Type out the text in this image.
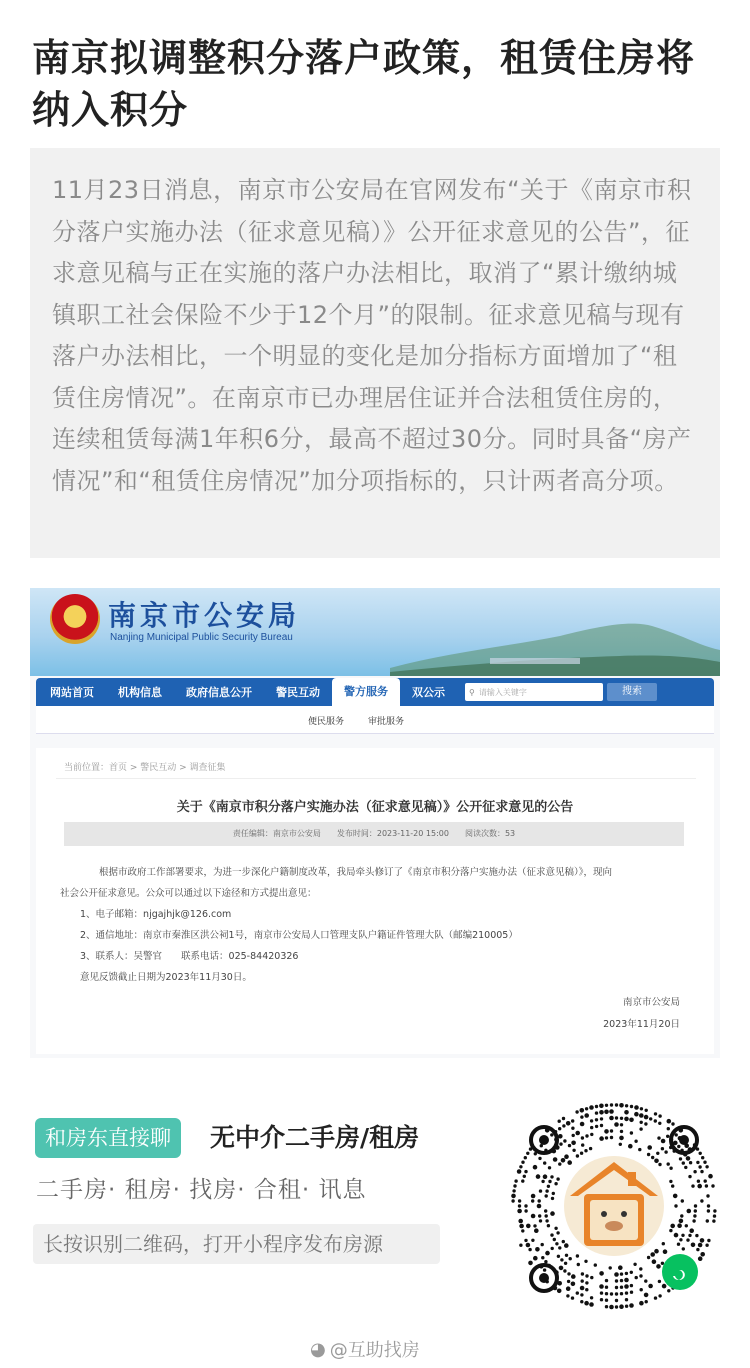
南京拟调整积分落户政策，租赁住房将
纳入积分

11月23日消息，南京市公安局在官网发布“关于《南京市积分落户实施办法（征求意见稿）》公开征求意见的公告”，征求意见稿与正在实施的落户办法相比，取消了“累计缴纳城镇职工社会保险不少于12个月”的限制。征求意见稿与现有落户办法相比，一个明显的变化是加分指标方面增加了“租赁住房情况”。在南京市已办理居住证并合法租赁住房的，连续租赁每满1年积6分，最高不超过30分。同时具备“房产情况”和“租赁住房情况”加分项指标的，只计两者高分项。

南京市公安局
Nanjing Municipal Public Security Bureau
网站首页	机构信息	政府信息公开	警民互动	警方服务	双公示	⚲ 请输入关键字	搜索
便民服务	审批服务
当前位置：首页 > 警民互动 > 调查征集
关于《南京市积分落户实施办法（征求意见稿）》公开征求意见的公告
责任编辑：南京市公安局　　发布时间：2023-11-20 15:00　　阅读次数：53
根据市政府工作部署要求，为进一步深化户籍制度改革，我局牵头修订了《南京市积分落户实施办法（征求意见稿）》，现向
社会公开征求意见。公众可以通过以下途径和方式提出意见：
1、电子邮箱：njgajhjk@126.com
2、通信地址：南京市秦淮区洪公祠1号，南京市公安局人口管理支队户籍证件管理大队（邮编210005）
3、联系人：吴警官　　联系电话：025-84420326
意见反馈截止日期为2023年11月30日。
南京市公安局
2023年11月20日
和房东直接聊	无中介二手房/租房
二手房· 租房· 找房· 合租· 讯息
长按识别二维码，打开小程序发布房源
◕ @互助找房
